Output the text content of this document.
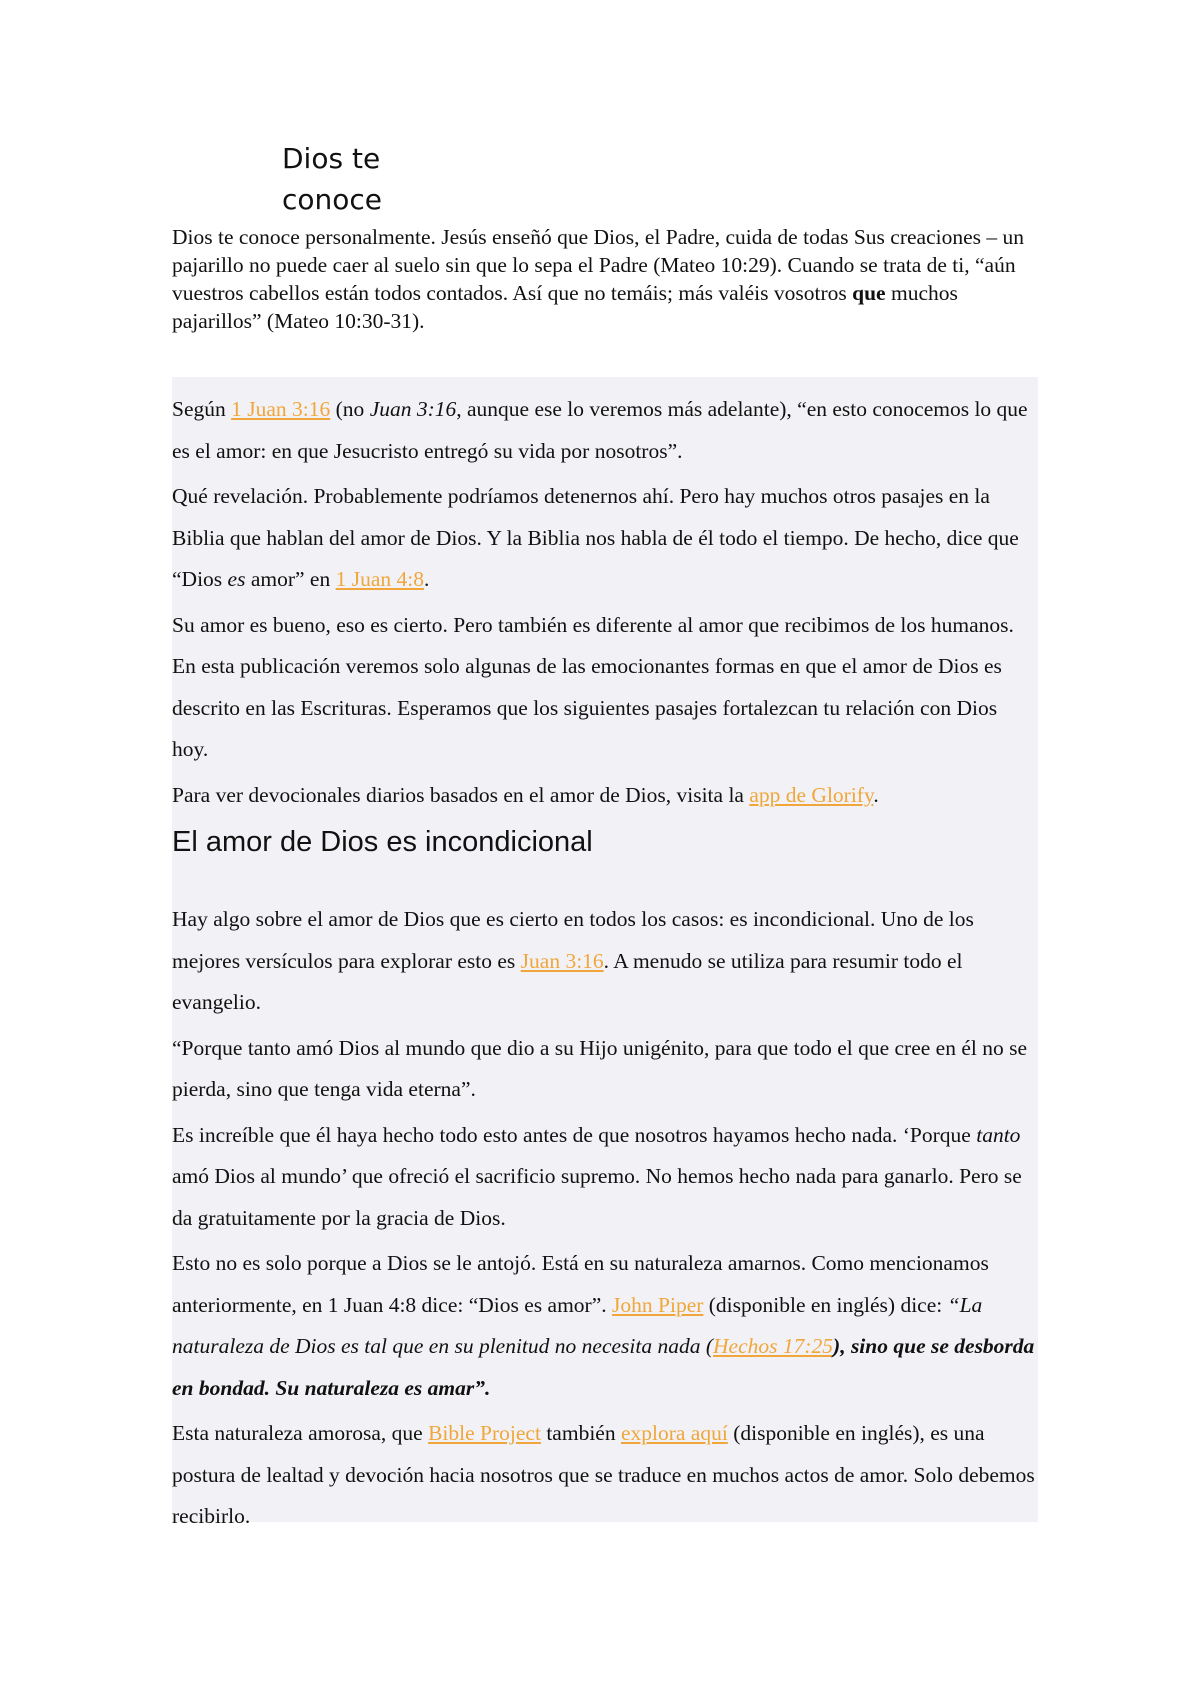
Dios te
conoce

Dios te conoce personalmente. Jesús enseñó que Dios, el Padre, cuida de todas Sus creaciones – un pajarillo no puede caer al suelo sin que lo sepa el Padre (Mateo 10:29). Cuando se trata de ti, “aún vuestros cabellos están todos contados. Así que no temáis; más valéis vosotros que muchos pajarillos” (Mateo 10:30-31).

Según 1 Juan 3:16 (no Juan 3:16, aunque ese lo veremos más adelante), “en esto conocemos lo que es el amor: en que Jesucristo entregó su vida por nosotros”.

Qué revelación. Probablemente podríamos detenernos ahí. Pero hay muchos otros pasajes en la Biblia que hablan del amor de Dios. Y la Biblia nos habla de él todo el tiempo. De hecho, dice que “Dios es amor” en 1 Juan 4:8.

Su amor es bueno, eso es cierto. Pero también es diferente al amor que recibimos de los humanos. En esta publicación veremos solo algunas de las emocionantes formas en que el amor de Dios es descrito en las Escrituras. Esperamos que los siguientes pasajes fortalezcan tu relación con Dios hoy.

Para ver devocionales diarios basados en el amor de Dios, visita la app de Glorify.

El amor de Dios es incondicional

Hay algo sobre el amor de Dios que es cierto en todos los casos: es incondicional. Uno de los mejores versículos para explorar esto es Juan 3:16. A menudo se utiliza para resumir todo el evangelio.

“Porque tanto amó Dios al mundo que dio a su Hijo unigénito, para que todo el que cree en él no se pierda, sino que tenga vida eterna”.

Es increíble que él haya hecho todo esto antes de que nosotros hayamos hecho nada. ‘Porque tanto amó Dios al mundo’ que ofreció el sacrificio supremo. No hemos hecho nada para ganarlo. Pero se da gratuitamente por la gracia de Dios.

Esto no es solo porque a Dios se le antojó. Está en su naturaleza amarnos. Como mencionamos anteriormente, en 1 Juan 4:8 dice: “Dios es amor”. John Piper (disponible en inglés) dice: “La naturaleza de Dios es tal que en su plenitud no necesita nada (Hechos 17:25), sino que se desborda en bondad. Su naturaleza es amar”.

Esta naturaleza amorosa, que Bible Project también explora aquí (disponible en inglés), es una postura de lealtad y devoción hacia nosotros que se traduce en muchos actos de amor. Solo debemos recibirlo.
